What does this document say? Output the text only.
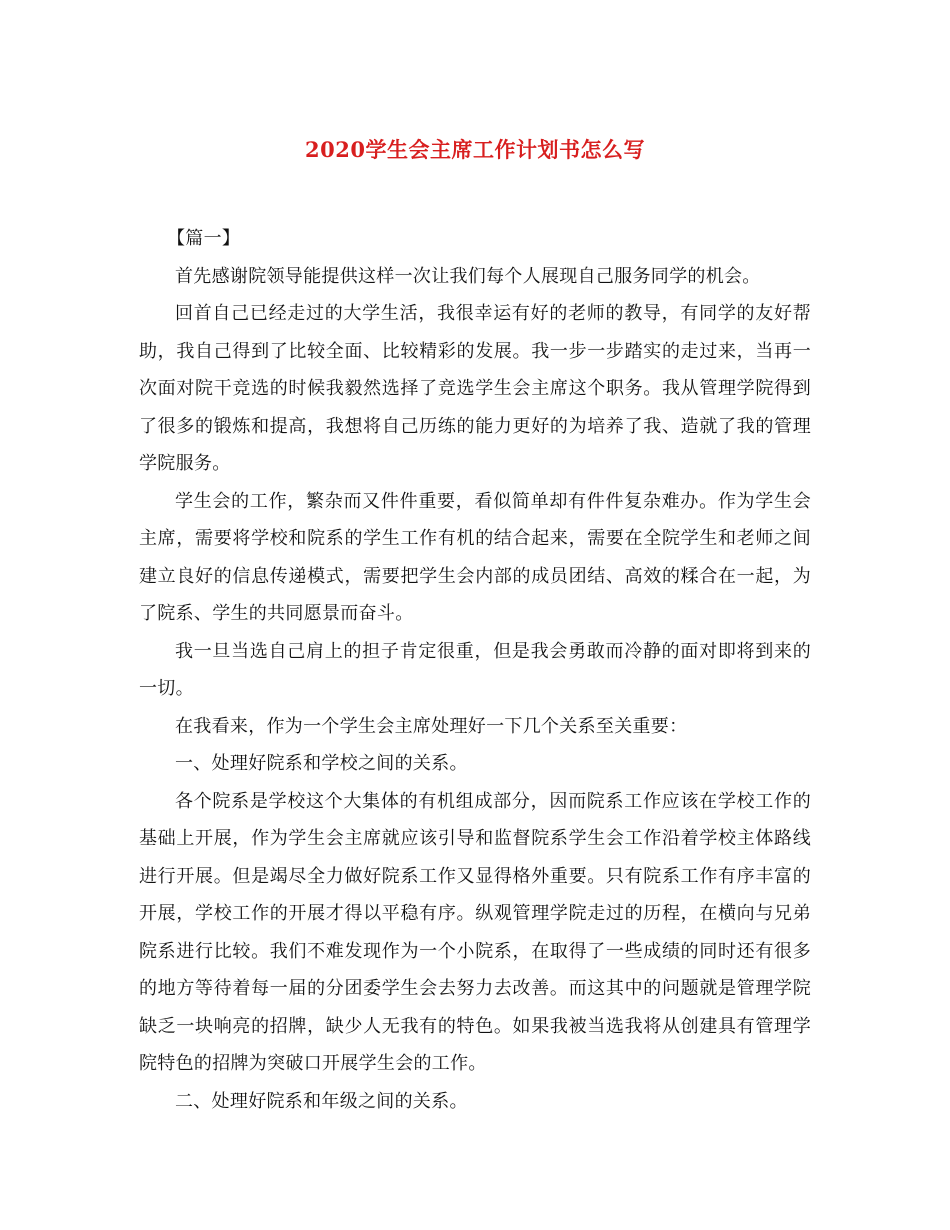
2020学生会主席工作计划书怎么写

【篇一】

首先感谢院领导能提供这样一次让我们每个人展现自己服务同学的机会。

回首自己已经走过的大学生活，我很幸运有好的老师的教导，有同学的友好帮助，我自己得到了比较全面、比较精彩的发展。我一步一步踏实的走过来，当再一次面对院干竞选的时候我毅然选择了竞选学生会主席这个职务。我从管理学院得到了很多的锻炼和提高，我想将自己历练的能力更好的为培养了我、造就了我的管理学院服务。

学生会的工作，繁杂而又件件重要，看似简单却有件件复杂难办。作为学生会主席，需要将学校和院系的学生工作有机的结合起来，需要在全院学生和老师之间建立良好的信息传递模式，需要把学生会内部的成员团结、高效的糅合在一起，为了院系、学生的共同愿景而奋斗。

我一旦当选自己肩上的担子肯定很重，但是我会勇敢而冷静的面对即将到来的一切。

在我看来，作为一个学生会主席处理好一下几个关系至关重要：

一、处理好院系和学校之间的关系。

各个院系是学校这个大集体的有机组成部分，因而院系工作应该在学校工作的基础上开展，作为学生会主席就应该引导和监督院系学生会工作沿着学校主体路线进行开展。但是竭尽全力做好院系工作又显得格外重要。只有院系工作有序丰富的开展，学校工作的开展才得以平稳有序。纵观管理学院走过的历程，在横向与兄弟院系进行比较。我们不难发现作为一个小院系，在取得了一些成绩的同时还有很多的地方等待着每一届的分团委学生会去努力去改善。而这其中的问题就是管理学院缺乏一块响亮的招牌，缺少人无我有的特色。如果我被当选我将从创建具有管理学院特色的招牌为突破口开展学生会的工作。

二、处理好院系和年级之间的关系。
